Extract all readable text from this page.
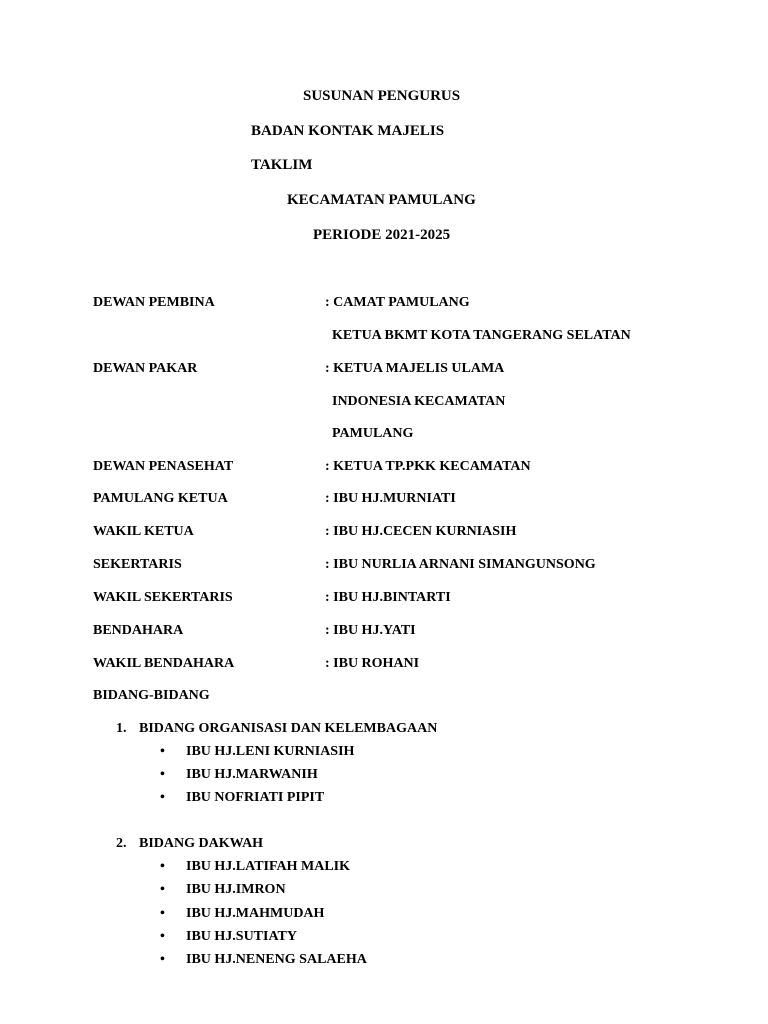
SUSUNAN PENGURUS
BADAN KONTAK MAJELIS
TAKLIM
KECAMATAN PAMULANG
PERIODE 2021-2025
DEWAN PEMBINA	: CAMAT PAMULANG
KETUA BKMT KOTA TANGERANG SELATAN
DEWAN PAKAR	: KETUA MAJELIS ULAMA
INDONESIA KECAMATAN
PAMULANG
DEWAN PENASEHAT	: KETUA TP.PKK KECAMATAN
PAMULANG KETUA	: IBU HJ.MURNIATI
WAKIL KETUA	: IBU HJ.CECEN KURNIASIH
SEKERTARIS	: IBU NURLIA ARNANI SIMANGUNSONG
WAKIL SEKERTARIS	: IBU HJ.BINTARTI
BENDAHARA	: IBU HJ.YATI
WAKIL BENDAHARA	: IBU ROHANI
BIDANG-BIDANG
1. BIDANG ORGANISASI DAN KELEMBAGAAN
• IBU HJ.LENI KURNIASIH
• IBU HJ.MARWANIH
• IBU NOFRIATI PIPIT
2. BIDANG DAKWAH
• IBU HJ.LATIFAH MALIK
• IBU HJ.IMRON
• IBU HJ.MAHMUDAH
• IBU HJ.SUTIATY
• IBU HJ.NENENG SALAEHA
